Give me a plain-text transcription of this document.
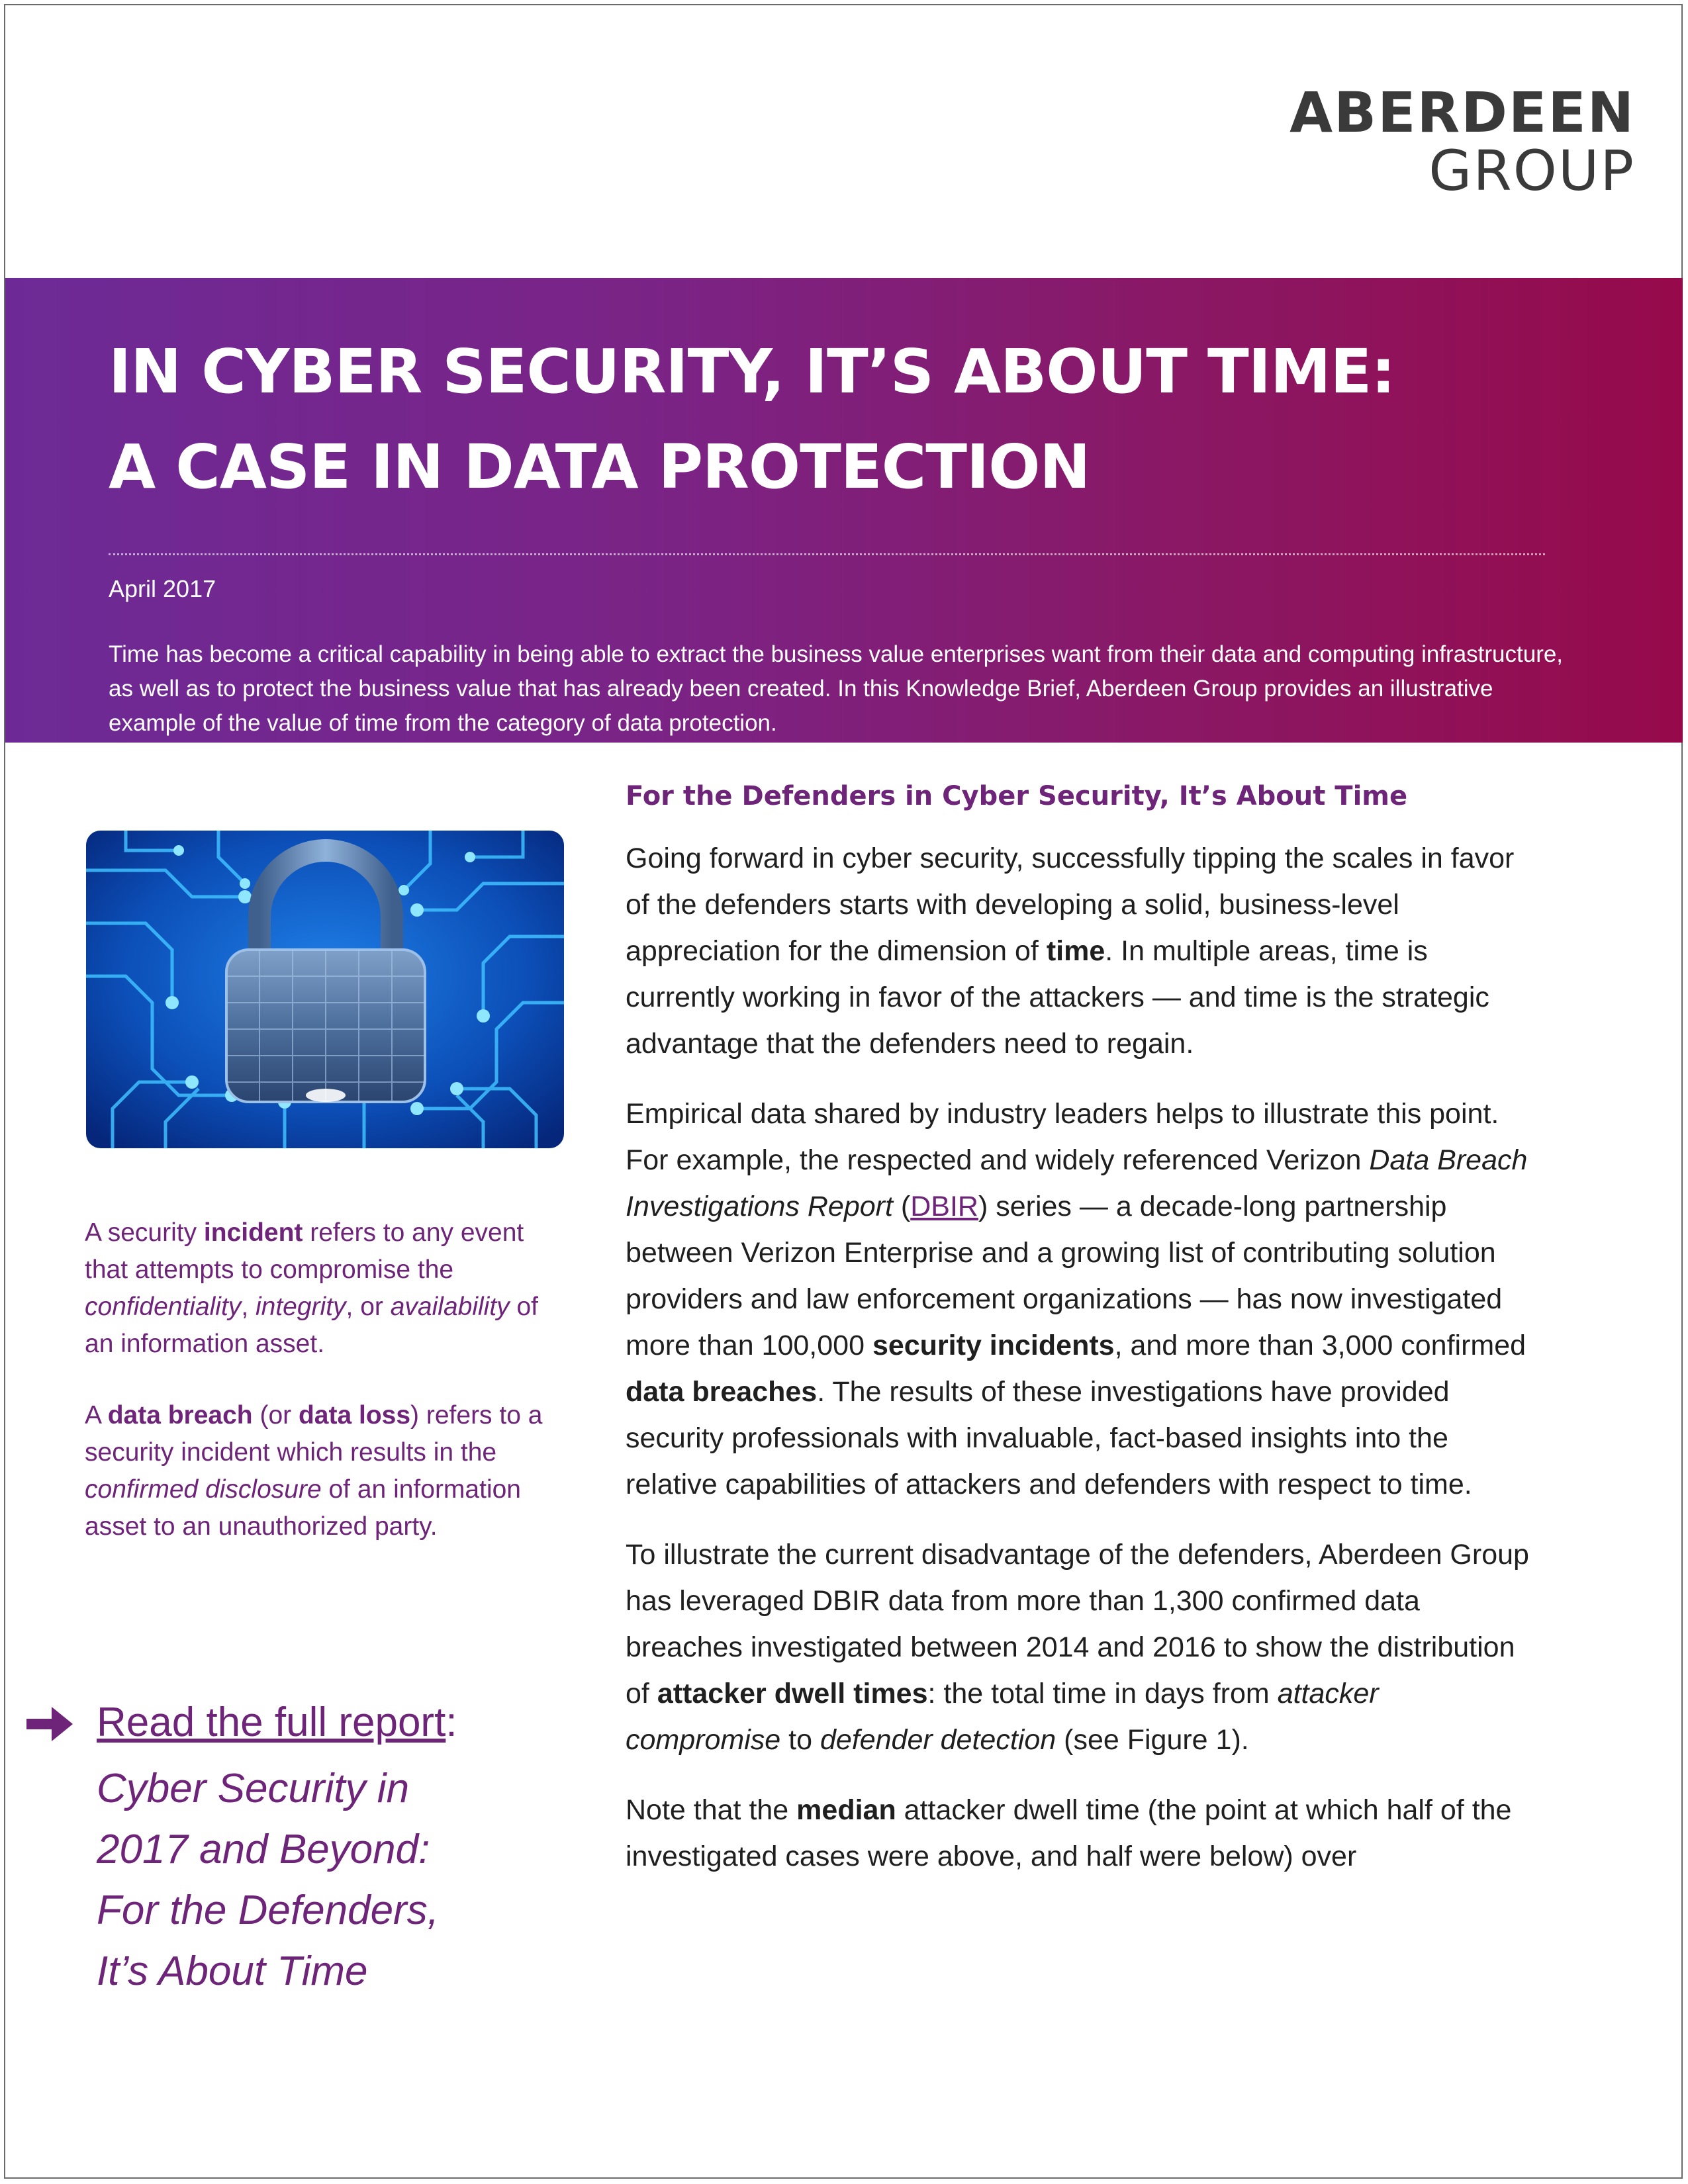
ABERDEEN
GROUP
IN CYBER SECURITY, IT’S ABOUT TIME:
A CASE IN DATA PROTECTION
April 2017
Time has become a critical capability in being able to extract the business value enterprises want from their data and computing infrastructure, as well as to protect the business value that has already been created. In this Knowledge Brief, Aberdeen Group provides an illustrative example of the value of time from the category of data protection.

A security incident refers to any event that attempts to compromise the confidentiality, integrity, or availability of an information asset.

A data breach (or data loss) refers to a security incident which results in the confirmed disclosure of an information asset to an unauthorized party.

Read the full report:
Cyber Security in
2017 and Beyond:
For the Defenders,
It’s About Time
For the Defenders in Cyber Security, It’s About Time

Going forward in cyber security, successfully tipping the scales in favor of the defenders starts with developing a solid, business-level appreciation for the dimension of time. In multiple areas, time is currently working in favor of the attackers — and time is the strategic advantage that the defenders need to regain.

Empirical data shared by industry leaders helps to illustrate this point. For example, the respected and widely referenced Verizon Data Breach Investigations Report (DBIR) series — a decade-long partnership between Verizon Enterprise and a growing list of contributing solution providers and law enforcement organizations — has now investigated more than 100,000 security incidents, and more than 3,000 confirmed data breaches. The results of these investigations have provided security professionals with invaluable, fact-based insights into the relative capabilities of attackers and defenders with respect to time.

To illustrate the current disadvantage of the defenders, Aberdeen Group has leveraged DBIR data from more than 1,300 confirmed data breaches investigated between 2014 and 2016 to show the distribution of attacker dwell times: the total time in days from attacker compromise to defender detection (see Figure 1).

Note that the median attacker dwell time (the point at which half of the investigated cases were above, and half were below) over
